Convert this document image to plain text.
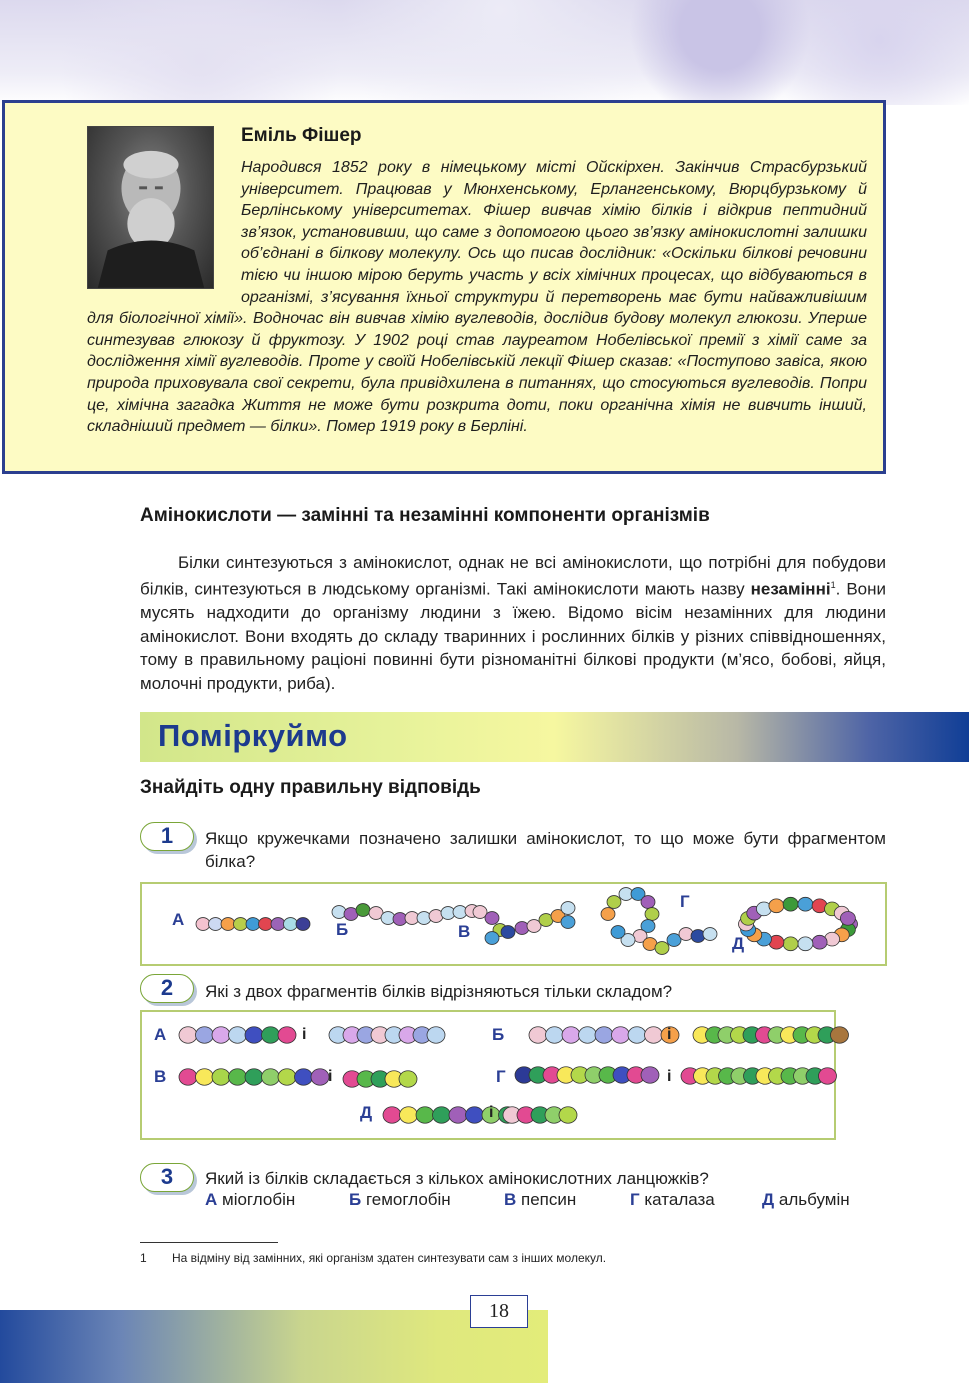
Еміль Фішер
Народився 1852 року в німецькому місті Ойскірхен. Закінчив Страсбурзький університет. Працював у Мюнхенському, Ерлангенському, Вюрцбурзькому й Берлінському університетах. Фішер вивчав хімію білків і відкрив пептидний зв’язок, установивши, що саме з допомогою цього зв’язку амінокислотні залишки об’єднані в білкову молекулу. Ось що писав дослідник: «Оскільки білкові речовини тією чи іншою мірою беруть участь у всіх хімічних процесах, що відбуваються в організмі, з’ясування їхньої структури й перетворень має бути найважливішим для біологічної хімії». Водночас він вивчав хімію вуглеводів, дослідив будову молекул глюкози. Уперше синтезував глюкозу й фруктозу. У 1902 році став лауреатом Нобелівської премії з хімії саме за дослідження хімії вуглеводів. Проте у своїй Нобелівській лекції Фішер сказав: «Поступово завіса, якою природа приховувала свої секрети, була привідхилена в питаннях, що стосуються вуглеводів. Попри це, хімічна загадка Життя не може бути розкрита доти, поки органічна хімія не вивчить інший, складніший предмет — білки». Помер 1919 року в Берліні.
Амінокислоти — замінні та незамінні компоненти організмів
Білки синтезуються з амінокислот, однак не всі амінокислоти, що потрібні для побудови білків, синтезуються в людському організмі. Такі амінокислоти мають назву незамінні$^1$. Вони мусять надходити до організму людини з їжею. Відомо вісім незамінних для людини амінокислот. Вони входять до складу тваринних і рослинних білків у різних співвідношеннях, тому в правильному раціоні повинні бути різноманітні білкові продукти (м’ясо, бобові, яйця, молочні продукти, риба).
Поміркуймо
Знайдіть одну правильну відповідь
1	Якщо кружечками позначено залишки амінокислот, то що може бути фрагментом білка?
А
Б	В
Г
Д
2	Які з двох фрагментів білків відрізняються тільки складом?
А	і	Б	і
В	і	Г	і
Д	і
3	Який із білків складається з кількох амінокислотних ланцюжків?
А міоглобін	Б гемоглобін	В пепсин	Г каталаза	Д альбумін
1 На відміну від замінних, які організм здатен синтезувати сам з інших молекул.
18
